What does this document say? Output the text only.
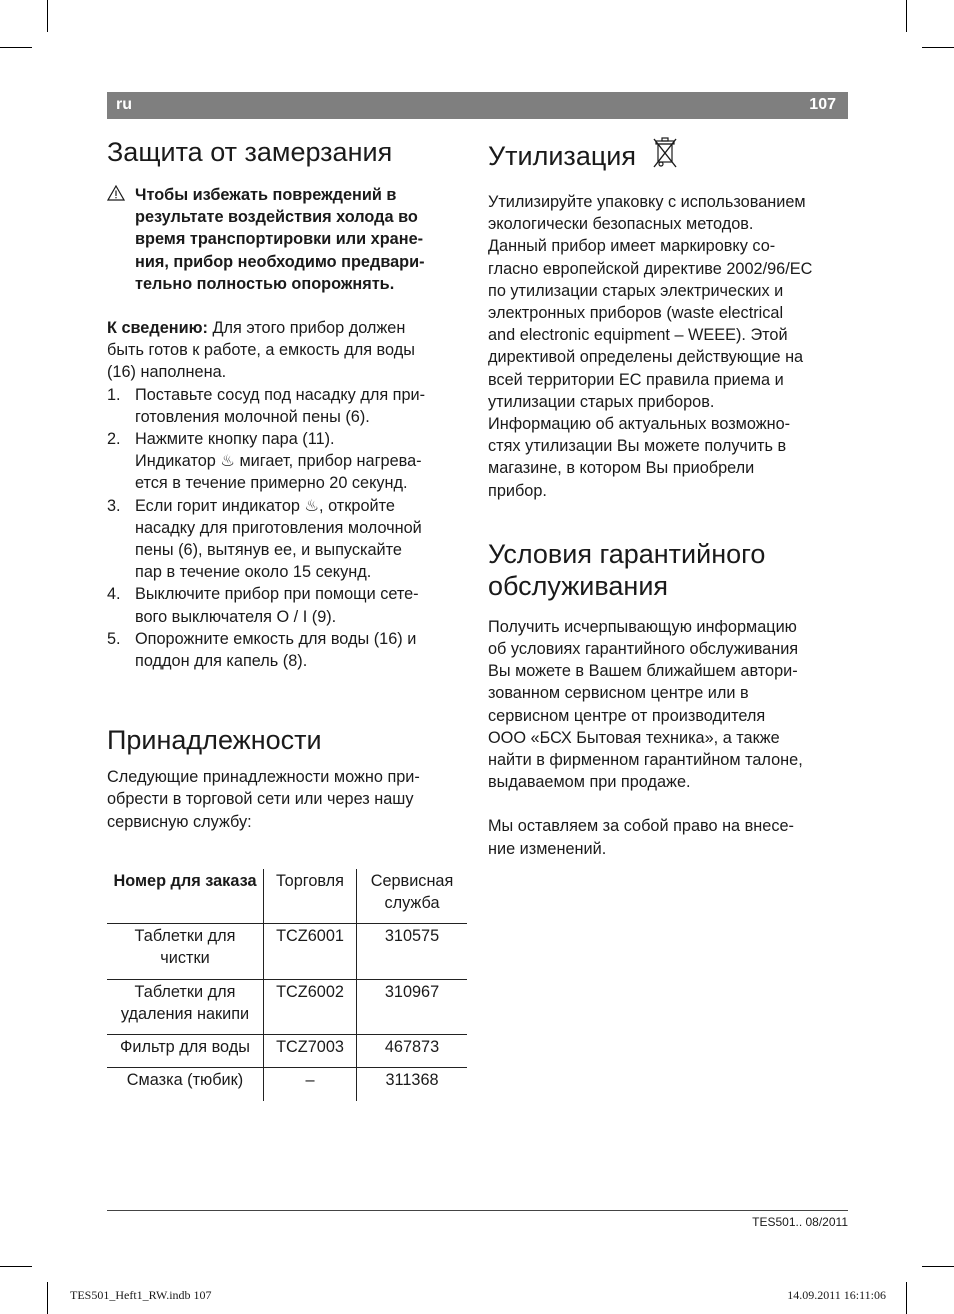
ru	107
Защита от замерзания

Чтобы избежать повреждений в

результате воздействия холода во

время транспортировки или хране-

ния, прибор необходимо предвари-

тельно полностью опорожнять.

К сведению: Для этого прибор должен

быть готов к работе, а емкость для воды

(16) наполнена.

1. Поставьте сосуд под насадку для при-

готовления молочной пены (6).

2. Нажмите кнопку пара (11).

Индикатор ♨ мигает, прибор нагрева-

ется в течение примерно 20 секунд.

3. Если горит индикатор ♨, откройте

насадку для приготовления молочной

пены (6), вытянув ее, и выпускайте

пар в течение около 15 секунд.

4. Выключите прибор при помощи сете-

вого выключателя O / I (9).

5. Опорожните емкость для воды (16) и

поддон для капель (8).

Принадлежности

Следующие принадлежности можно при-

обрести в торговой сети или через нашу

сервисную службу:

Номер для заказа	Торговля	Сервисная служба
Таблетки для чистки	TCZ6001	310575
Таблетки для удаления накипи	TCZ6002	310967
Фильтр для воды	TCZ7003	467873
Смазка (тюбик)	–	311368
Утилизация

Утилизируйте упаковку с использованием

экологически безопасных методов.

Данный прибор имеет маркировку со-

гласно европейской директиве 2002/96/EC

по утилизации старых электрических и

электронных приборов (waste electrical

and electronic equipment – WEEE). Этой

директивой определены действующие на

всей территории ЕС правила приема и

утилизации старых приборов.

Информацию об актуальных возможно-

стях утилизации Вы можете получить в

магазине, в котором Вы приобрели

прибор.

Условия гарантийного
обслуживания

Получить исчерпывающую информацию

об условиях гарантийного обслуживания

Вы можете в Вашем ближайшем автори-

зованном сервисном центре или в

сервисном центре от производителя

ООО «БСХ Бытовая техника», а также

найти в фирменном гарантийном талоне,

выдаваемом при продаже.

Мы оставляем за собой право на внесе-

ние изменений.

TES501.. 08/2011
TES501_Heft1_RW.indb 107	14.09.2011 16:11:06
